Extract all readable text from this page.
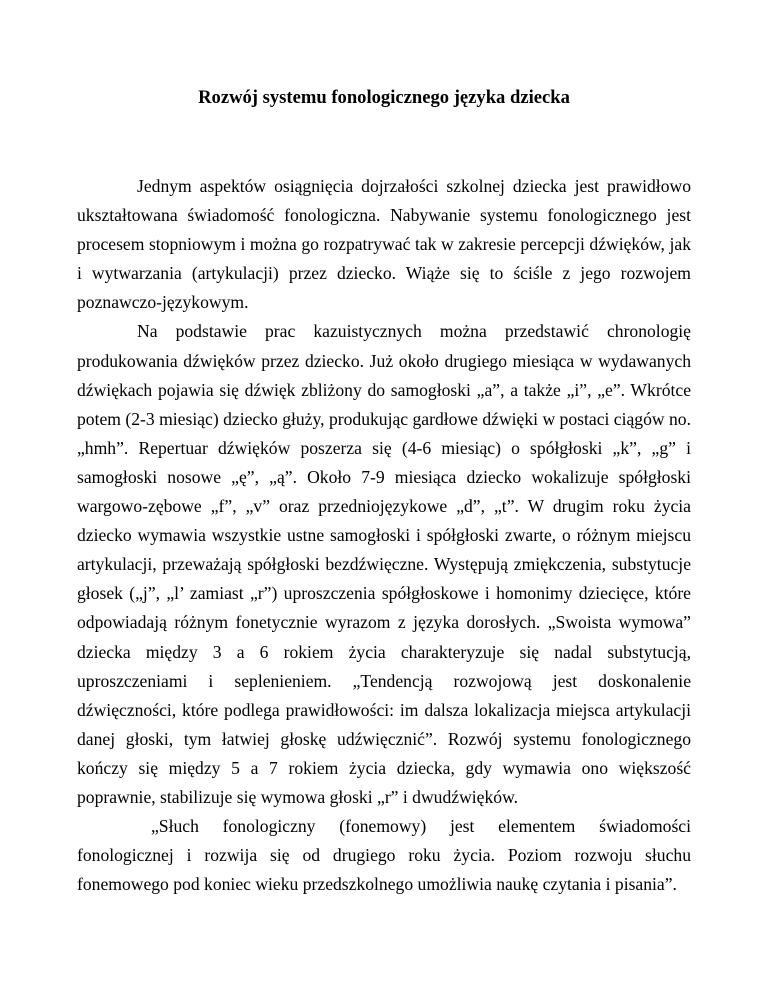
Rozwój systemu fonologicznego języka dziecka

Jednym aspektów osiągnięcia dojrzałości szkolnej dziecka jest prawidłowo ukształtowana świadomość fonologiczna. Nabywanie systemu fonologicznego jest procesem stopniowym i można go rozpatrywać tak w zakresie percepcji dźwięków, jak i wytwarzania (artykulacji) przez dziecko. Wiąże się to ściśle z jego rozwojem poznawczo-językowym.

Na podstawie prac kazuistycznych można przedstawić chronologię produkowania dźwięków przez dziecko. Już około drugiego miesiąca w wydawanych dźwiękach pojawia się dźwięk zbliżony do samogłoski „a”, a także „i”, „e”. Wkrótce potem (2-3 miesiąc) dziecko głuży, produkując gardłowe dźwięki w postaci ciągów no. „hmh”. Repertuar dźwięków poszerza się (4-6 miesiąc) o spółgłoski „k”, „g” i samogłoski nosowe „ę”, „ą”. Około 7-9 miesiąca dziecko wokalizuje spółgłoski wargowo-zębowe „f”, „v” oraz przedniojęzykowe „d”, „t”. W drugim roku życia dziecko wymawia wszystkie ustne samogłoski i spółgłoski zwarte, o różnym miejscu artykulacji, przeważają spółgłoski bezdźwięczne. Występują zmiękczenia, substytucje głosek („j”, „l’ zamiast „r”) uproszczenia spółgłoskowe i homonimy dziecięce, które odpowiadają różnym fonetycznie wyrazom z języka dorosłych. „Swoista wymowa” dziecka między 3 a 6 rokiem życia charakteryzuje się nadal substytucją, uproszczeniami i seplenieniem. „Tendencją rozwojową jest doskonalenie dźwięczności, które podlega prawidłowości: im dalsza lokalizacja miejsca artykulacji danej głoski, tym łatwiej głoskę udźwięcznić”. Rozwój systemu fonologicznego kończy się między 5 a 7 rokiem życia dziecka, gdy wymawia ono większość poprawnie, stabilizuje się wymowa głoski „r” i dwudźwięków.

„Słuch fonologiczny (fonemowy) jest elementem świadomości fonologicznej i rozwija się od drugiego roku życia. Poziom rozwoju słuchu fonemowego pod koniec wieku przedszkolnego umożliwia naukę czytania i pisania”.
